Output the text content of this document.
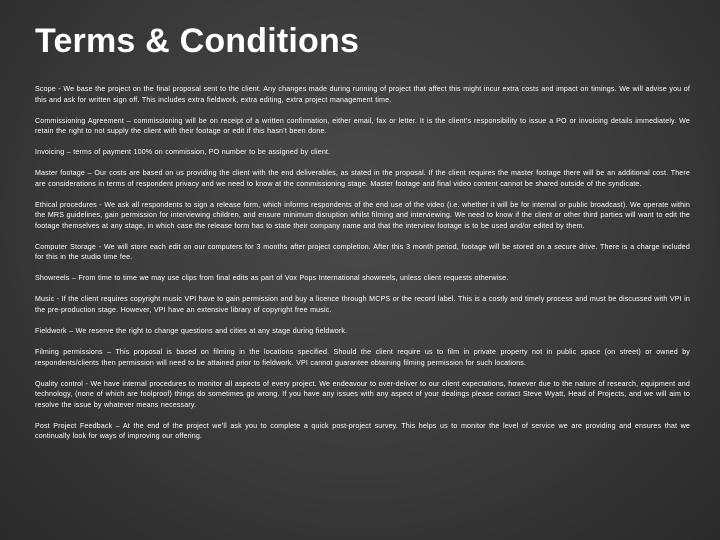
Terms & Conditions

Scope - We base the project on the final proposal sent to the client. Any changes made during running of project that affect this might incur extra costs and impact on timings. We will advise you of this and ask for written sign off. This includes extra fieldwork, extra editing, extra project management time.

Commissioning Agreement – commissioning will be on receipt of a written confirmation, either email, fax or letter. It is the client’s responsibility to issue a PO or invoicing details immediately. We retain the right to not supply the client with their footage or edit if this hasn’t been done.

Invoicing – terms of payment 100% on commission, PO number to be assigned by client.

Master footage – Our costs are based on us providing the client with the end deliverables, as stated in the proposal. If the client requires the master footage there will be an additional cost. There are considerations in terms of respondent privacy and we need to know at the commissioning stage. Master footage and final video content cannot be shared outside of the syndicate.

Ethical procedures - We ask all respondents to sign a release form, which informs respondents of the end use of the video (i.e. whether it will be for internal or public broadcast). We operate within the MRS guidelines, gain permission for interviewing children, and ensure minimum disruption whilst filming and interviewing. We need to know if the client or other third parties will want to edit the footage themselves at any stage, in which case the release form has to state their company name and that the interview footage is to be used and/or edited by them.

Computer Storage - We will store each edit on our computers for 3 months after project completion. After this 3 month period, footage will be stored on a secure drive. There is a charge included for this in the studio time fee.

Showreels – From time to time we may use clips from final edits as part of Vox Pops International showreels, unless client requests otherwise.

Music - If the client requires copyright music VPI have to gain permission and buy a licence through MCPS or the record label. This is a costly and timely process and must be discussed with VPI in the pre-production stage. However, VPI have an extensive library of copyright free music.

Fieldwork – We reserve the right to change questions and cities at any stage during fieldwork.

Filming permissions – This proposal is based on filming in the locations specified. Should the client require us to film in private property not in public space (on street) or owned by respondents/clients then permission will need to be attained prior to fieldwork. VPI cannot guarantee obtaining filming permission for such locations.

Quality control - We have internal procedures to monitor all aspects of every project. We endeavour to over-deliver to our client expectations, however due to the nature of research, equipment and technology, (none of which are foolproof) things do sometimes go wrong. If you have any issues with any aspect of your dealings please contact Steve Wyatt, Head of Projects, and we will aim to resolve the issue by whatever means necessary.

Post Project Feedback – At the end of the project we’ll ask you to complete a quick post-project survey. This helps us to monitor the level of service we are providing and ensures that we continually look for ways of improving our offering.
